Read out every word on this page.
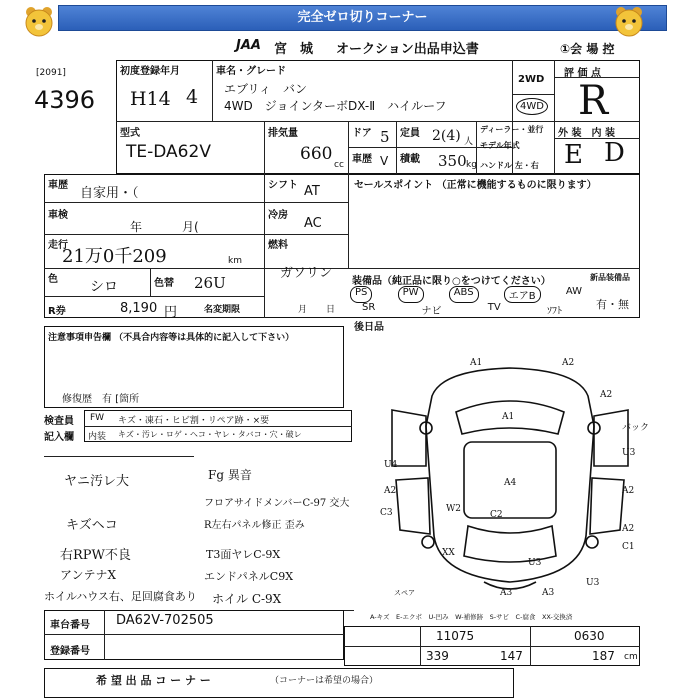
完全ゼロ切りコーナー
JAA 宮　城 オークション出品申込書	①会 場 控
[2091]
4396
初度登録年月
H14 4
車名・グレード
エブリィ　バン
4WD　ジョインターボDX-Ⅱ　ハイルーフ
2WD
4WD
評 価 点
R
型式
TE-DA62V
排気量
660
cc
ドア 5 定員 2(4) 人
車歴 V 積載 350 kg
ディーラー・並行
モデル年式
ハンドル 左・右
外 装　内 装
E D
車歴
自家用・（
シフト AT	セールスポイント （正常に機能するものに限ります）
車検
年	月(
冷房
AC
走行
21万0千209	km
燃料
ガソリン
色 シロ	色替 26U	装備品（純正品に限り○をつけてください）	新品装備品
PS	PW	ABS	エアB	AW
SR	ナビ	TV	ｿﾌﾄ
有・無
R券	8,190 円	名変期限	月 日
後日品
注意事項申告欄 （不具合内容等は具体的に記入して下さい）
修復歴　有 [箇所
検査員
記入欄
FW キズ・凍石・ヒビ割・リペア跡・×要
内装 キズ・汚レ・ロゲ・ヘコ・ヤレ・タバコ・穴・破レ
ヤニ汚レ大	Fg 異音
フロアサイドメンバーC-97 交大
キズヘコ	R左右パネル修正 歪み
右RPW不良	T3面ヤレC-9X
アンテナX	エンドパネルC9X
ホイルハウス右、足回腐食あり ホイル C-9X
A1	A2
A1
A2
バック
U3
U4
A4
A2	A2
C3	W2
C2
A2
C1
XX
U3
U3
A3	A3
スペア
A-キズ　E-エクボ　U-凹み　W-補修跡　S-サビ　C-腐食　XX-交換済
車台番号 DA62V-702505
登録番号
11075	0630
339	147	187 cm
希 望 出 品 コ ー ナ ー	（コーナーは希望の場合）
